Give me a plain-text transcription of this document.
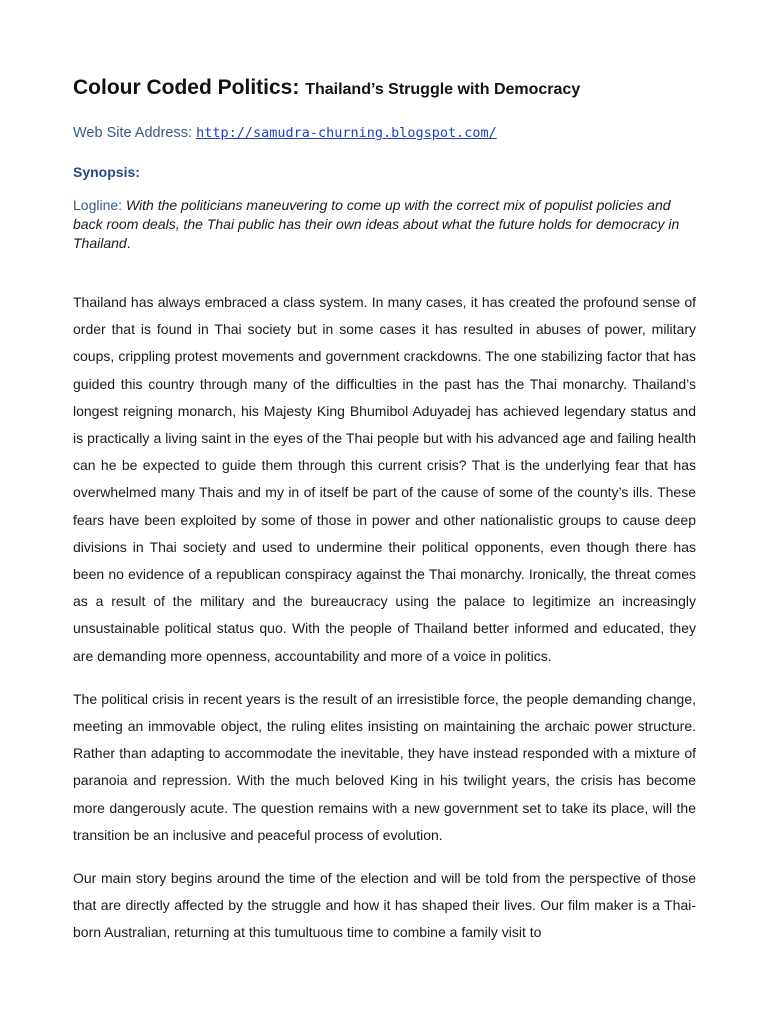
Colour Coded Politics: Thailand’s Struggle with Democracy
Web Site Address: http://samudra-churning.blogspot.com/
Synopsis:
Logline: With the politicians maneuvering to come up with the correct mix of populist policies and back room deals, the Thai public has their own ideas about what the future holds for democracy in Thailand.

Thailand has always embraced a class system. In many cases, it has created the profound sense of order that is found in Thai society but in some cases it has resulted in abuses of power, military coups, crippling protest movements and government crackdowns. The one stabilizing factor that has guided this country through many of the difficulties in the past has the Thai monarchy. Thailand’s longest reigning monarch, his Majesty King Bhumibol Aduyadej has achieved legendary status and is practically a living saint in the eyes of the Thai people but with his advanced age and failing health can he be expected to guide them through this current crisis? That is the underlying fear that has overwhelmed many Thais and my in of itself be part of the cause of some of the county’s ills. These fears have been exploited by some of those in power and other nationalistic groups to cause deep divisions in Thai society and used to undermine their political opponents, even though there has been no evidence of a republican conspiracy against the Thai monarchy. Ironically, the threat comes as a result of the military and the bureaucracy using the palace to legitimize an increasingly unsustainable political status quo. With the people of Thailand better informed and educated, they are demanding more openness, accountability and more of a voice in politics.

The political crisis in recent years is the result of an irresistible force, the people demanding change, meeting an immovable object, the ruling elites insisting on maintaining the archaic power structure. Rather than adapting to accommodate the inevitable, they have instead responded with a mixture of paranoia and repression. With the much beloved King in his twilight years, the crisis has become more dangerously acute. The question remains with a new government set to take its place, will the transition be an inclusive and peaceful process of evolution.

Our main story begins around the time of the election and will be told from the perspective of those that are directly affected by the struggle and how it has shaped their lives. Our film maker is a Thai-born Australian, returning at this tumultuous time to combine a family visit to
